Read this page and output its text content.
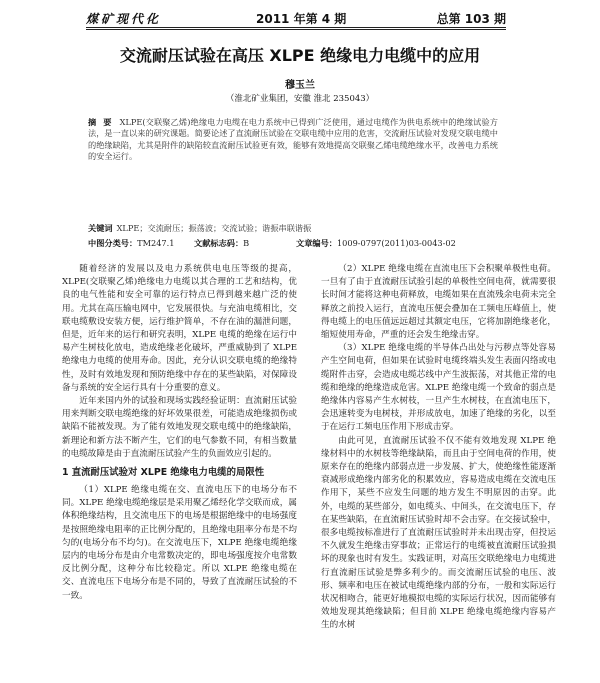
煤矿现代化	2011 年第 4 期	总第 103 期
交流耐压试验在高压 XLPE 绝缘电力电缆中的应用
穆玉兰
（淮北矿业集团，安徽 淮北 235043）
摘 要 XLPE(交联聚乙烯)绝缘电力电缆在电力系统中已得到广泛使用，通过电缆作为供电系统中的绝缘试验方法，是一直以来的研究课题。简要论述了直流耐压试验在交联电缆中应用的危害，交流耐压试验对发现交联电缆中的绝缘缺陷，尤其是附件的缺陷较直流耐压试验更有效，能够有效地提高交联聚乙烯电缆绝缘水平，改善电力系统的安全运行。
关键词 XLPE；交流耐压；振荡波；交流试验；谐振串联谐振
中图分类号：TM247.1 文献标志码：B	文章编号：1009-0797(2011)03-0043-02

随着经济的发展以及电力系统供电电压等级的提高，XLPE(交联聚乙烯)绝缘电力电缆以其合理的工艺和结构，优良的电气性能和安全可靠的运行特点已得到越来越广泛的使用。尤其在高压输电网中，它发展很快。与充油电缆相比，交联电缆敷设安装方便，运行维护简单，不存在油的漏泄问题，但是，近年来的运行和研究表明，XLPE 电缆的绝缘在运行中易产生树枝化放电，造成绝缘老化破坏，严重威胁到了 XLPE 绝缘电力电缆的使用寿命。因此，充分认识交联电缆的绝缘特性，及时有效地发现和预防绝缘中存在的某些缺陷，对保障设备与系统的安全运行具有十分重要的意义。

近年来国内外的试验和现场实践经验证明：直流耐压试验用来判断交联电缆绝缘的好坏效果很差，可能造成绝缘损伤或缺陷不能被发现。为了能有效地发现交联电缆中的绝缘缺陷，新理论和新方法不断产生，它们的电气参数不同，有相当数量的电缆故障是由于直流耐压试验产生的负面效应引起的。

1 直流耐压试验对 XLPE 绝缘电力电缆的局限性

（1）XLPE 绝缘电缆在交、直流电压下的电场分布不同。XLPE 绝缘电缆绝缘层是采用聚乙烯经化学交联而成，属体积绝缘结构，且交流电压下的电场是根据绝缘中的电场强度是按照绝缘电阻率的正比例分配的，且绝缘电阻率分布是不均匀的(电场分布不均匀)。在交流电压下，XLPE 绝缘电缆绝缘层内的电场分布是由介电常数决定的，即电场强度按介电常数反比例分配，这种分布比较稳定。所以 XLPE 绝缘电缆在交、直流电压下电场分布是不同的，导致了直流耐压试验的不一致。

（2）XLPE 绝缘电缆在直流电压下会积聚单极性电荷。一旦有了由于直流耐压试验引起的单极性空间电荷，就需要很长时间才能将这种电荷释放，电缆如果在直流残余电荷未完全释放之前投入运行，直流电压便会叠加在工频电压峰值上，使得电缆上的电压值远远超过其额定电压，它将加剧绝缘老化，缩短使用寿命，严重的还会发生绝缘击穿。

（3）XLPE 绝缘电缆的半导体凸出处与污秽点等处容易产生空间电荷，但如果在试验时电缆终端头发生表面闪络或电缆附件击穿，会造成电缆芯线中产生波振荡，对其他正常的电缆和绝缘的绝缘造成危害。XLPE 绝缘电缆一个致命的弱点是绝缘体内容易产生水树枝，一旦产生水树枝，在直流电压下，会迅速转变为电树枝，并形成放电，加速了绝缘的劣化，以至于在运行工频电压作用下形成击穿。

由此可见，直流耐压试验不仅不能有效地发现 XLPE 绝缘材料中的水树枝等绝缘缺陷，而且由于空间电荷的作用，使原来存在的绝缘内部弱点进一步发展、扩大，使绝缘性能逐渐衰减形成绝缘内部劣化的积累效应，容易造成电缆在交流电压作用下，某些不应发生问题的地方发生不明原因的击穿。此外，电缆的某些部分，如电缆头、中间头，在交流电压下，存在某些缺陷，在直流耐压试验时却不会击穿。在交接试验中，很多电缆按标准进行了直流耐压试验时并未出现击穿，但投运不久就发生绝缘击穿事故；正常运行的电缆被直流耐压试验损坏的现象也时有发生。实践证明，对高压交联绝缘电力电缆进行直流耐压试验是弊多利少的。而交流耐压试验的电压、波形、频率和电压在被试电缆绝缘内部的分布，一般和实际运行状况相吻合，能更好地模拟电缆的实际运行状况，因而能够有效地发现其绝缘缺陷；但目前 XLPE 绝缘电缆绝缘内容易产生的水树
